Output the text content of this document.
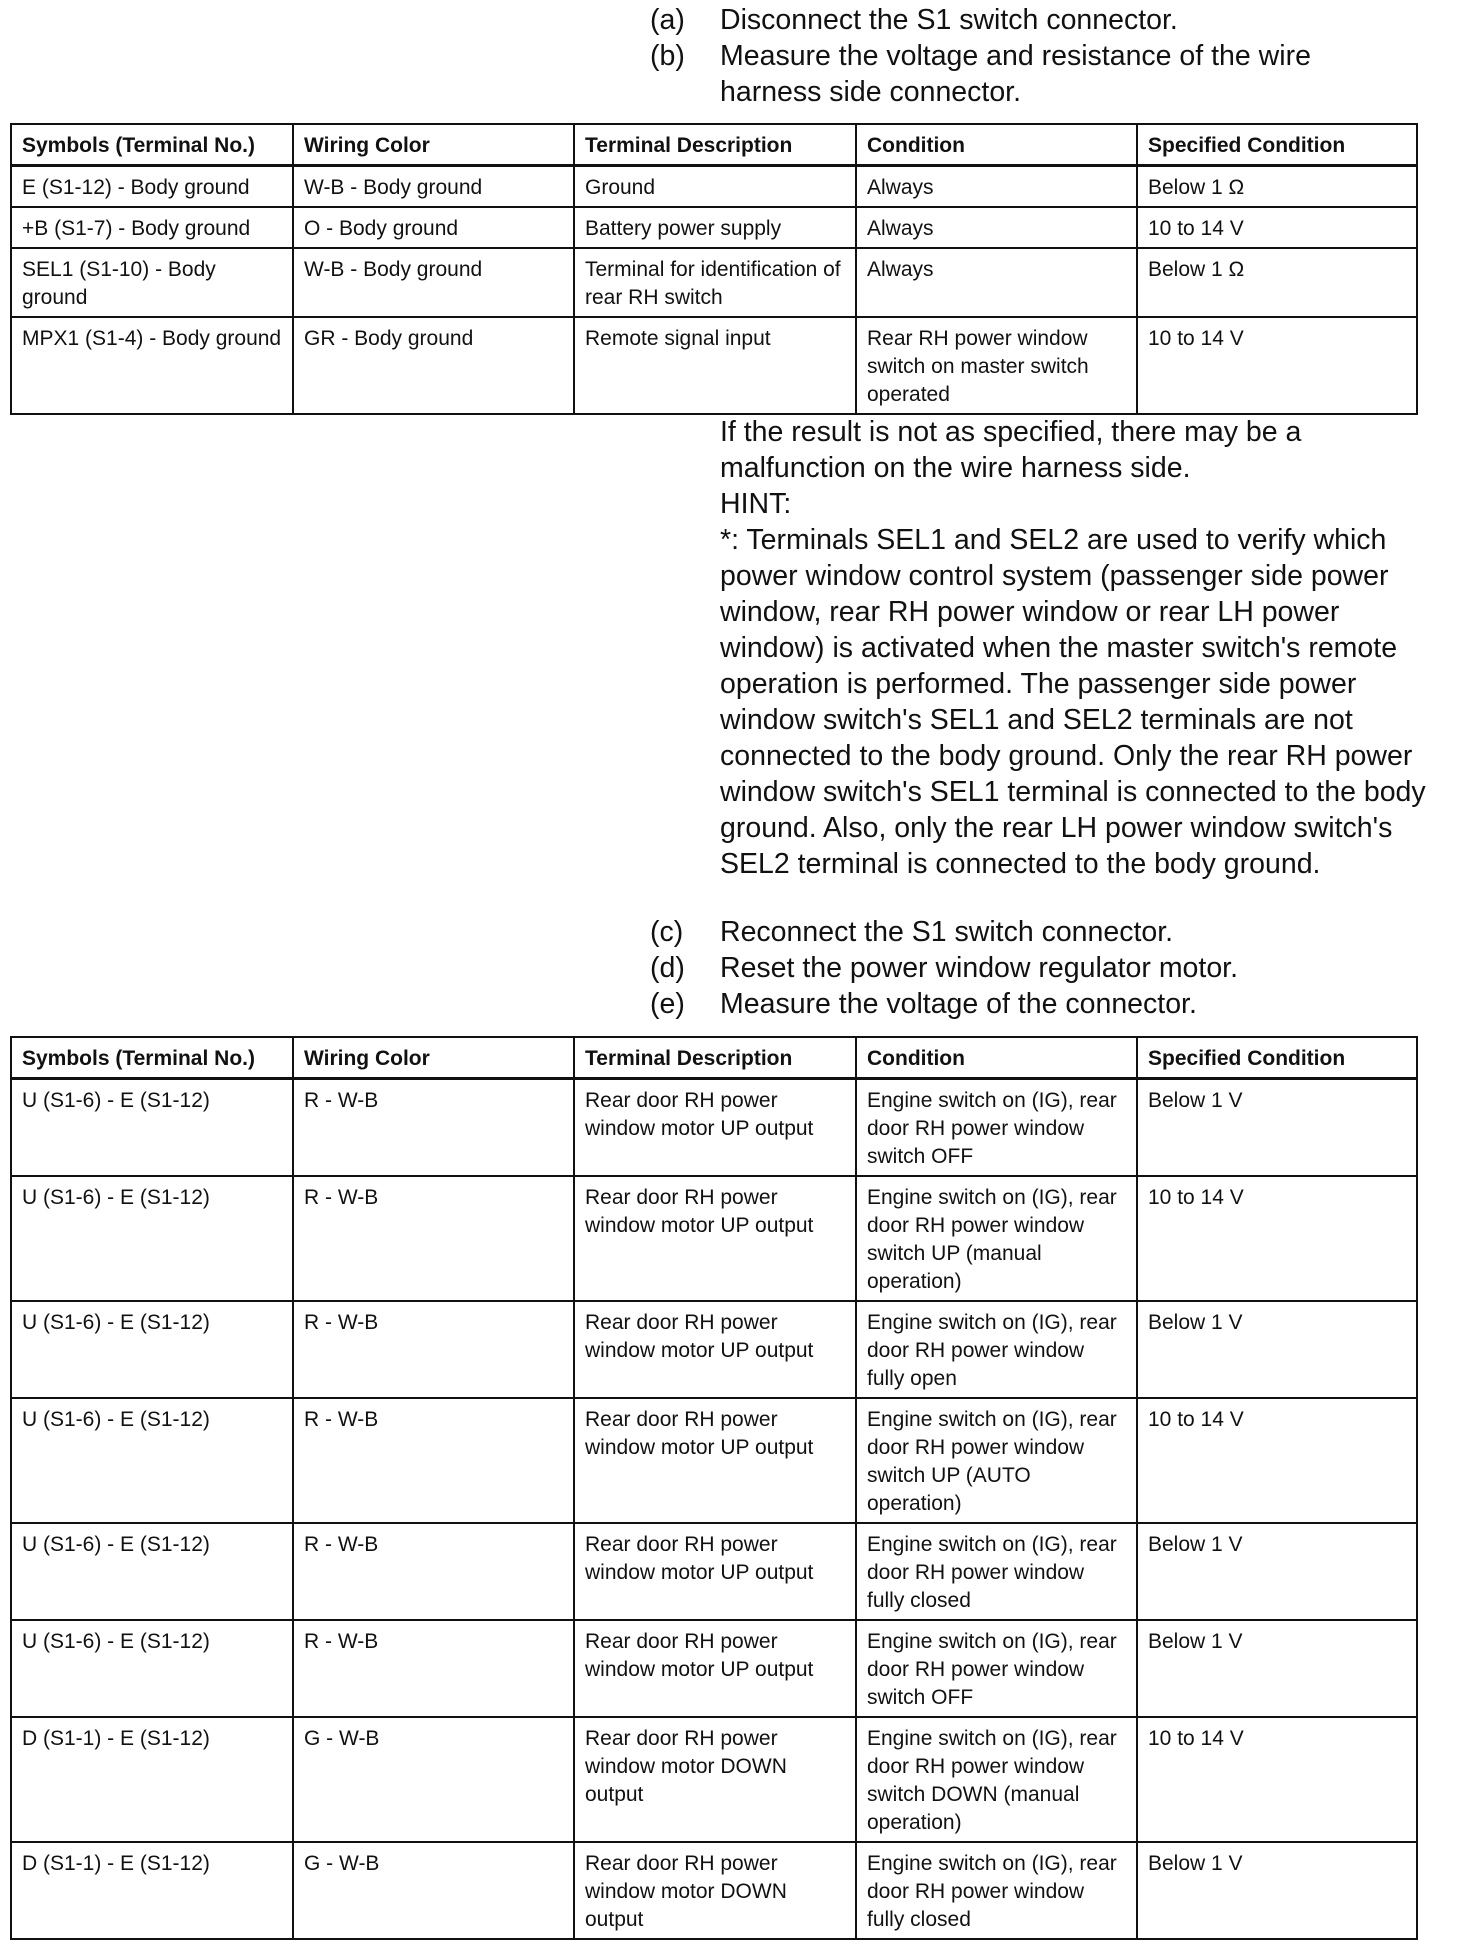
(a)	Disconnect the S1 switch connector.
(b)	Measure the voltage and resistance of the wire harness side connector.
Symbols (Terminal No.)	Wiring Color	Terminal Description	Condition	Specified Condition
E (S1-12) - Body ground	W-B - Body ground	Ground	Always	Below 1 Ω
+B (S1-7) - Body ground	O - Body ground	Battery power supply	Always	10 to 14 V
SEL1 (S1-10) - Body ground	W-B - Body ground	Terminal for identification of rear RH switch	Always	Below 1 Ω
MPX1 (S1-4) - Body ground	GR - Body ground	Remote signal input	Rear RH power window switch on master switch operated	10 to 14 V

If the result is not as specified, there may be a malfunction on the wire harness side.

HINT:

*: Terminals SEL1 and SEL2 are used to verify which power window control system (passenger side power window, rear RH power window or rear LH power window) is activated when the master switch's remote operation is performed. The passenger side power window switch's SEL1 and SEL2 terminals are not connected to the body ground. Only the rear RH power window switch's SEL1 terminal is connected to the body ground. Also, only the rear LH power window switch's SEL2 terminal is connected to the body ground.

(c)	Reconnect the S1 switch connector.
(d)	Reset the power window regulator motor.
(e)	Measure the voltage of the connector.
Symbols (Terminal No.)	Wiring Color	Terminal Description	Condition	Specified Condition
U (S1-6) - E (S1-12)	R - W-B	Rear door RH power window motor UP output	Engine switch on (IG), rear door RH power window switch OFF	Below 1 V
U (S1-6) - E (S1-12)	R - W-B	Rear door RH power window motor UP output	Engine switch on (IG), rear door RH power window switch UP (manual operation)	10 to 14 V
U (S1-6) - E (S1-12)	R - W-B	Rear door RH power window motor UP output	Engine switch on (IG), rear door RH power window fully open	Below 1 V
U (S1-6) - E (S1-12)	R - W-B	Rear door RH power window motor UP output	Engine switch on (IG), rear door RH power window switch UP (AUTO operation)	10 to 14 V
U (S1-6) - E (S1-12)	R - W-B	Rear door RH power window motor UP output	Engine switch on (IG), rear door RH power window fully closed	Below 1 V
U (S1-6) - E (S1-12)	R - W-B	Rear door RH power window motor UP output	Engine switch on (IG), rear door RH power window switch OFF	Below 1 V
D (S1-1) - E (S1-12)	G - W-B	Rear door RH power window motor DOWN output	Engine switch on (IG), rear door RH power window switch DOWN (manual operation)	10 to 14 V
D (S1-1) - E (S1-12)	G - W-B	Rear door RH power window motor DOWN output	Engine switch on (IG), rear door RH power window fully closed	Below 1 V
